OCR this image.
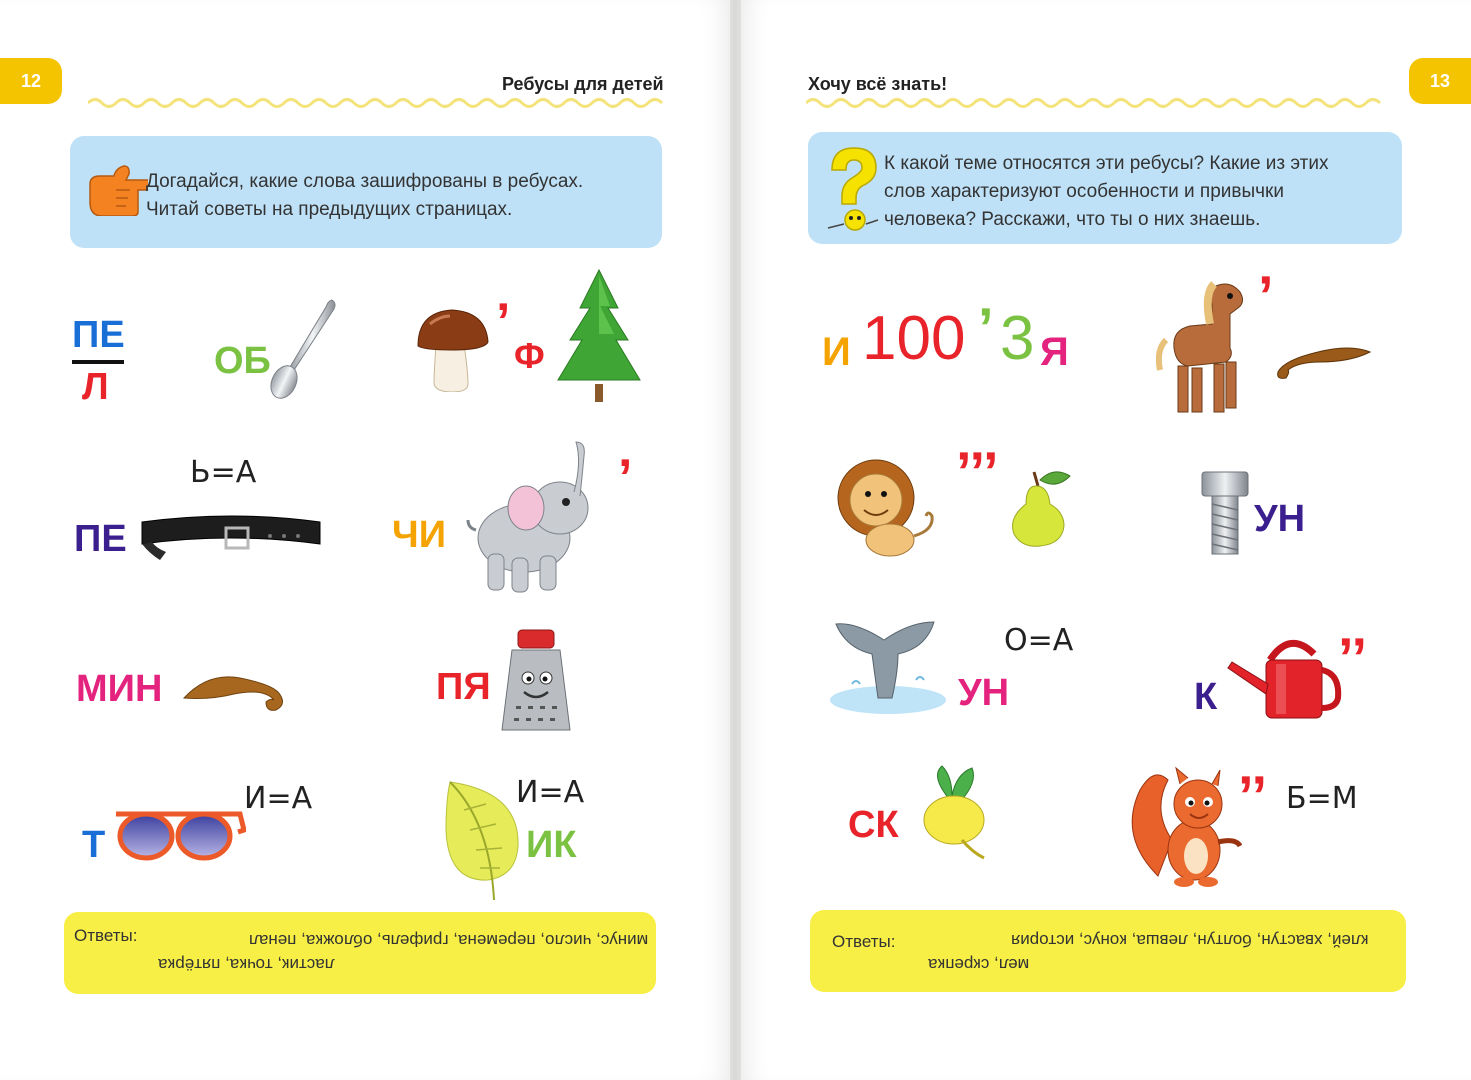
12	Ребусы для детей
Догадайся, какие слова зашифрованы в ребусах.
Читай советы на предыдущих страницах.
ПЕ
Л
ОБ
’
Ф
Ь=А
ПЕ	ЧИ
’
МИН	ПЯ
И=А
Т
И=А
ИК
Ответы:	минус, число, перемена, грифель, обложка, пенал
ластик, точка, пятёрка
13
Хочу всё знать!
К какой теме относятся эти ребусы? Какие из этих
слов характеризуют особенности и привычки
человека? Расскажи, что ты о них знаешь.
И 100 ’ 3 Я
’
’’’
УН
О=А
УН	К
’’
СК	’’ Б=М
Ответы:	клей, хвастун, болтун, левша, конус, история
мел, скрепка
